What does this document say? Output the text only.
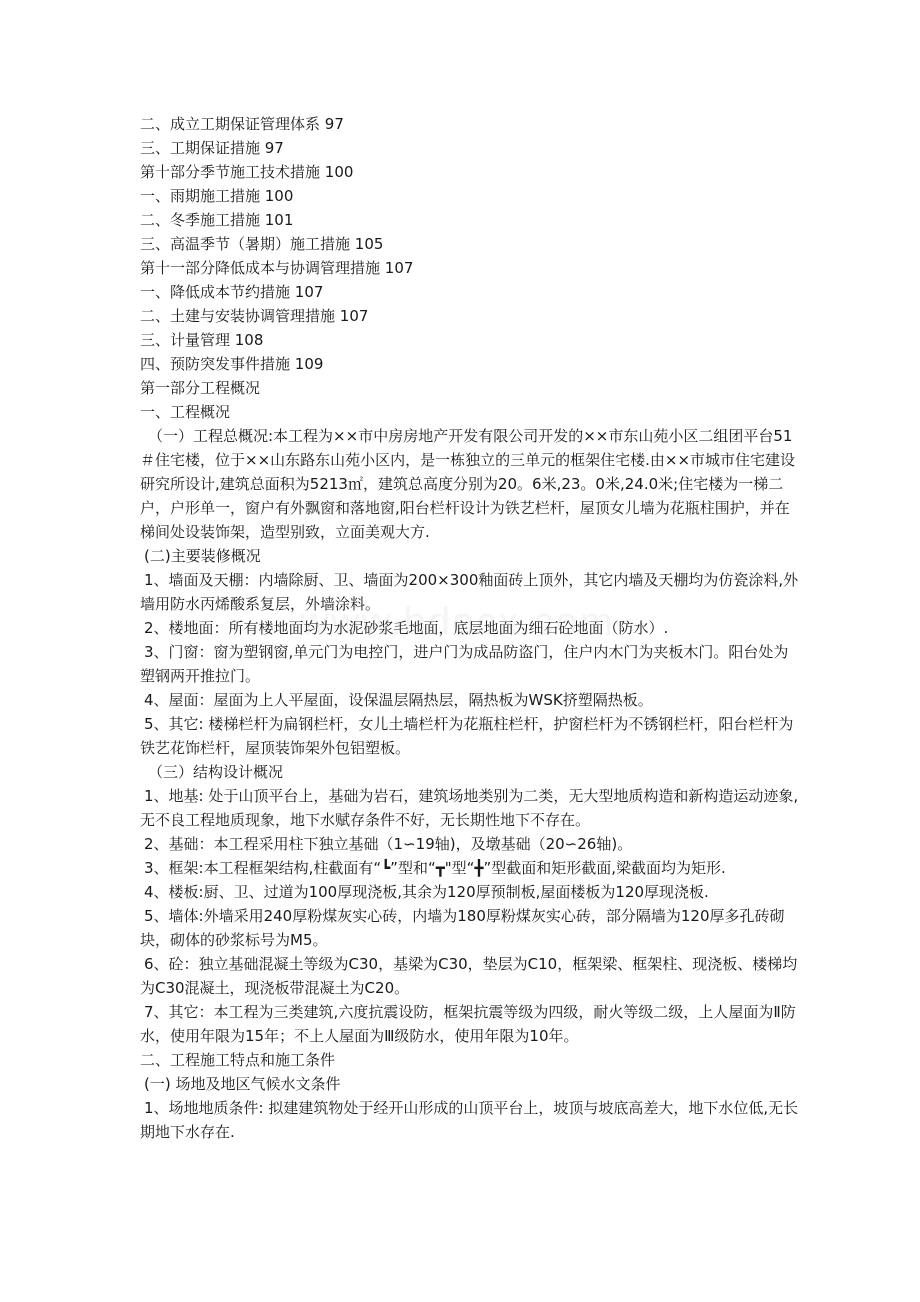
二、成立工期保证管理体系 97

三、工期保证措施 97

第十部分季节施工技术措施 100

一、雨期施工措施 100

二、冬季施工措施 101

三、高温季节（暑期）施工措施 105

第十一部分降低成本与协调管理措施 107

一、降低成本节约措施 107

二、土建与安装协调管理措施 107

三、计量管理 108

四、预防突发事件措施 109

第一部分工程概况

一、工程概况

（一）工程总概况:本工程为××市中房房地产开发有限公司开发的××市东山苑小区二组团平台51＃住宅楼，位于××山东路东山苑小区内，是一栋独立的三单元的框架住宅楼.由××市城市住宅建设研究所设计,建筑总面积为5213㎡，建筑总高度分别为20。6米,23。0米,24.0米;住宅楼为一梯二户，户形单一，窗户有外飘窗和落地窗,阳台栏杆设计为铁艺栏杆，屋顶女儿墙为花瓶柱围护，并在梯间处设装饰架，造型别致，立面美观大方.

(二)主要装修概况

1、墙面及天棚：内墙除厨、卫、墙面为200×300釉面砖上顶外，其它内墙及天棚均为仿瓷涂料,外墙用防水丙烯酸系复层，外墙涂料。

2、楼地面：所有楼地面均为水泥砂浆毛地面，底层地面为细石砼地面（防水）.

3、门窗：窗为塑钢窗,单元门为电控门，进户门为成品防盗门，住户内木门为夹板木门。阳台处为塑钢两开推拉门。

4、屋面：屋面为上人平屋面，设保温层隔热层，隔热板为WSK挤塑隔热板。

5、其它: 楼梯栏杆为扁钢栏杆，女儿土墙栏杆为花瓶柱栏杆，护窗栏杆为不锈钢栏杆，阳台栏杆为铁艺花饰栏杆，屋顶装饰架外包铝塑板。

（三）结构设计概况

1、地基: 处于山顶平台上，基础为岩石，建筑场地类别为二类，无大型地质构造和新构造运动迹象,无不良工程地质现象，地下水赋存条件不好，无长期性地下不存在。

2、基础：本工程采用柱下独立基础（1∽19轴)，及墩基础（20∽26轴)。

3、框架:本工程框架结构,柱截面有“┗”型和“┳"型“╋”型截面和矩形截面,梁截面均为矩形.

4、楼板:厨、卫、过道为100厚现浇板,其余为120厚预制板,屋面楼板为120厚现浇板.

5、墙体:外墙采用240厚粉煤灰实心砖，内墙为180厚粉煤灰实心砖，部分隔墙为120厚多孔砖砌块，砌体的砂浆标号为M5。

6、砼：独立基础混凝土等级为C30，基梁为C30，垫层为C10，框架梁、框架柱、现浇板、楼梯均为C30混凝土，现浇板带混凝土为C20。

7、其它：本工程为三类建筑,六度抗震设防，框架抗震等级为四级，耐火等级二级，上人屋面为Ⅱ防水，使用年限为15年；不上人屋面为Ⅲ级防水，使用年限为10年。

二、工程施工特点和施工条件

(一) 场地及地区气候水文条件

1、场地地质条件: 拟建建筑物处于经开山形成的山顶平台上，坡顶与坡底高差大，地下水位低,无长期地下水存在.
